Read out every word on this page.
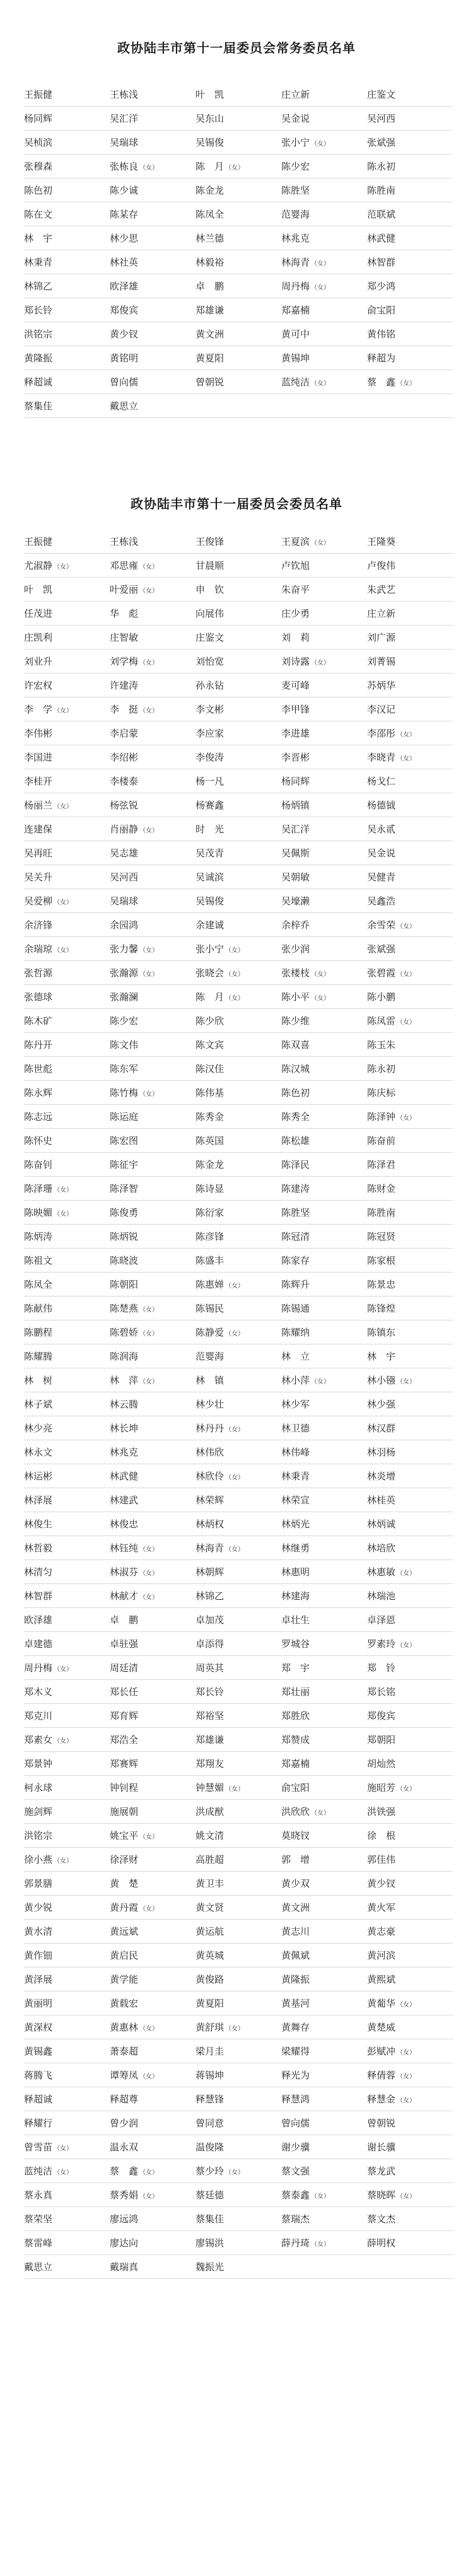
政协陆丰市第十一届委员会常务委员名单
王振健	王栋浅	叶　凯	庄立新	庄鉴文
杨同辉	吴汇洋	吴东山	吴金说	吴河西
吴桢滨	吴瑞球	吴锡俊	张小宁 （女）	张斌强
张穆森	张栋良 （女）	陈　月 （女）	陈少宏	陈永初
陈色初	陈少诚	陈金龙	陈胜坚	陈胜南
陈在文	陈某存	陈凤全	范婴海	范联斌
林　宇	林少思	林兰德	林兆克	林武健
林秉青	林社英	林毅裕	林海青 （女）	林智群
林锦乙	欧泽雄	卓　鹏	周丹梅 （女）	郑少鸿
郑长铃	郑俊宾	郑雄谦	郑嘉楠	俞宝阳
洪铭宗	黄少钗	黄文洲	黄可中	黄伟铭
黄隆振	黄铭明	黄夏阳	黄锡坤	释超为
释超诚	曾向儒	曾朝锐	蓝纯洁 （女）	蔡　鑫 （女）
蔡集佳	戴思立
政协陆丰市第十一届委员会委员名单
王振健	王栋浅	王俊锋	王夏滨 （女）	王隆葵
尤淑静 （女）	邓思雍 （女）	甘晨顺	卢钦旭	卢俊伟
叶　凯	叶爱丽 （女）	申　钦	朱奋平	朱武艺
任茂进	华　彪	向展伟	庄少勇	庄立新
庄凯利	庄智敏	庄鉴文	刘　莉	刘广源
刘业升	刘学梅 （女）	刘怡宽	刘诗露 （女）	刘菁锡
许宏权	许建涛	孙永钻	麦可峰	苏炳华
李　学 （女）	李　挺 （女）	李文彬	李甲锋	李汉记
李伟彬	李启蒙	李应家	李进雄	李邵彤 （女）
李国进	李绍彬	李俊涛	李晋彬	李晓青 （女）
李桂开	李楼泰	杨一凡	杨同辉	杨戈仁
杨丽兰 （女）	杨弦锐	杨赛鑫	杨炳镇	杨德钺
连建保	肖丽静 （女）	时　光	吴汇洋	吴永贰
吴再旺	吴志雄	吴茂青	吴佩斯	吴金说
吴关升	吴河西	吴诚滨	吴朝敏	吴健青
吴爱柳 （女）	吴瑞球	吴锡俊	吴壕濑	吴鑫浩
余济锋	余园鸿	余建诚	余梓乔	余雪荣 （女）
余瑞琼 （女）	张力馨 （女）	张小宁 （女）	张少润	张斌强
张哲源	张瀚源 （女）	张晓会 （女）	张楼枝 （女）	张碧霞 （女）
张德球	张瀚澜	陈　月 （女）	陈小平 （女）	陈小鹏
陈木矿	陈少宏	陈少欣	陈少维	陈凤雷 （女）
陈丹开	陈文伟	陈文宾	陈双喜	陈玉朱
陈世彪	陈东军	陈汉佳	陈汉城	陈永初
陈永辉	陈竹梅 （女）	陈伟基	陈色初	陈庆标
陈志远	陈运庭	陈秀金	陈秀全	陈泽钟 （女）
陈怀史	陈宏图	陈英国	陈松雄	陈奋前
陈奋钊	陈征宇	陈金龙	陈泽民	陈泽君
陈泽珊 （女）	陈泽智	陈诗显	陈建涛	陈财金
陈映媚 （女）	陈俊勇	陈衍家	陈胜坚	陈胜南
陈炳涛	陈炳锐	陈彦锋	陈冠清	陈冠贤
陈祖文	陈晓波	陈盛丰	陈家存	陈家根
陈凤全	陈朝阳	陈惠婵 （女）	陈辉升	陈景忠
陈献伟	陈楚燕 （女）	陈锡民	陈锡通	陈锋煌
陈鹏程	陈碧娇 （女）	陈静爱 （女）	陈耀纳	陈镇东
陈耀腾	陈润海	范婴海	林　立	林　宇
林　树	林　萍 （女）	林　镇	林小萍 （女）	林小镪 （女）
林子斌	林云腾	林少壮	林少军	林少强
林少亮	林长坤	林丹丹 （女）	林卫德	林汉群
林永文	林兆克	林伟欣	林伟峰	林羽杨
林运彬	林武健	林欣伶 （女）	林秉青	林炎增
林泽展	林建武	林荣辉	林荣宣	林桂英
林俊生	林俊忠	林炳权	林炳光	林炳诚
林哲毅	林钰纯 （女）	林海青 （女）	林继勇	林培欣
林清匀	林淑芬 （女）	林朝辉	林惠明	林惠敏 （女）
林智群	林献才 （女）	林锦乙	林建海	林瑞池
欧泽雄	卓　鹏	卓加茂	卓壮生	卓泽恩
卓建德	卓驻强	卓添得	罗城谷	罗素玲 （女）
周丹梅 （女）	周廷清	周英其	郑　宇	郑　铃
郑木义	郑长任	郑长铃	郑壮丽	郑长铭
郑克川	郑育辉	郑裕坚	郑胜欣	郑俊宾
郑素女 （女）	郑浩全	郑雄谦	郑赞成	郑朝阳
郑景钟	郑赛辉	郑翔友	郑嘉楠	胡灿然
柯永球	钟钊程	钟慧媚 （女）	俞宝阳	施昭芳 （女）
施剑辉	施展朝	洪成猷	洪欣欣 （女）	洪铁强
洪铭宗	姚宝平 （女）	姚文清	莫晓钗	徐　根
徐小燕 （女）	徐泽财	高胜超	郭　增	郭佳伟
郭景膳	黄　楚	黄卫丰	黄少双	黄少钗
黄少锐	黄丹霞 （女）	黄文贤	黄文洲	黄火军
黄水清	黄远斌	黄运航	黄志川	黄志豪
黄作钿	黄启民	黄英城	黄佩斌	黄河滨
黄泽展	黄学能	黄俊路	黄隆振	黄熙斌
黄丽明	黄载宏	黄夏阳	黄基河	黄葡华 （女）
黄深权	黄惠林 （女）	黄舒琪 （女）	黄舞存	黄楚威
黄锡鑫	萧泰超	梁月圭	梁耀得	彭赋冲 （女）
蒋腾飞	谭筹凤 （女）	蒋锡坤	释光为	释倩蓉 （女）
释超诚	释超尊	释慧锋	释慧鸿	释慧金 （女）
释耀行	曾少润	曾同意	曾向儒	曾朝锐
曾雪苗 （女）	温永双	温俊隆	谢少骥	谢长骥
蓝纯洁 （女）	蔡　鑫 （女）	蔡少玲 （女）	蔡文强	蔡龙武
蔡永真	蔡秀娟 （女）	蔡廷德	蔡泰鑫 （女）	蔡晓晖 （女）
蔡荣坚	廖远鸿	蔡集佳	蔡瑞杰	蔡文杰
蔡雷峰	廖达向	廖锡洪	薛丹琦 （女）	薛明权
戴思立	戴瑞真	魏振光
